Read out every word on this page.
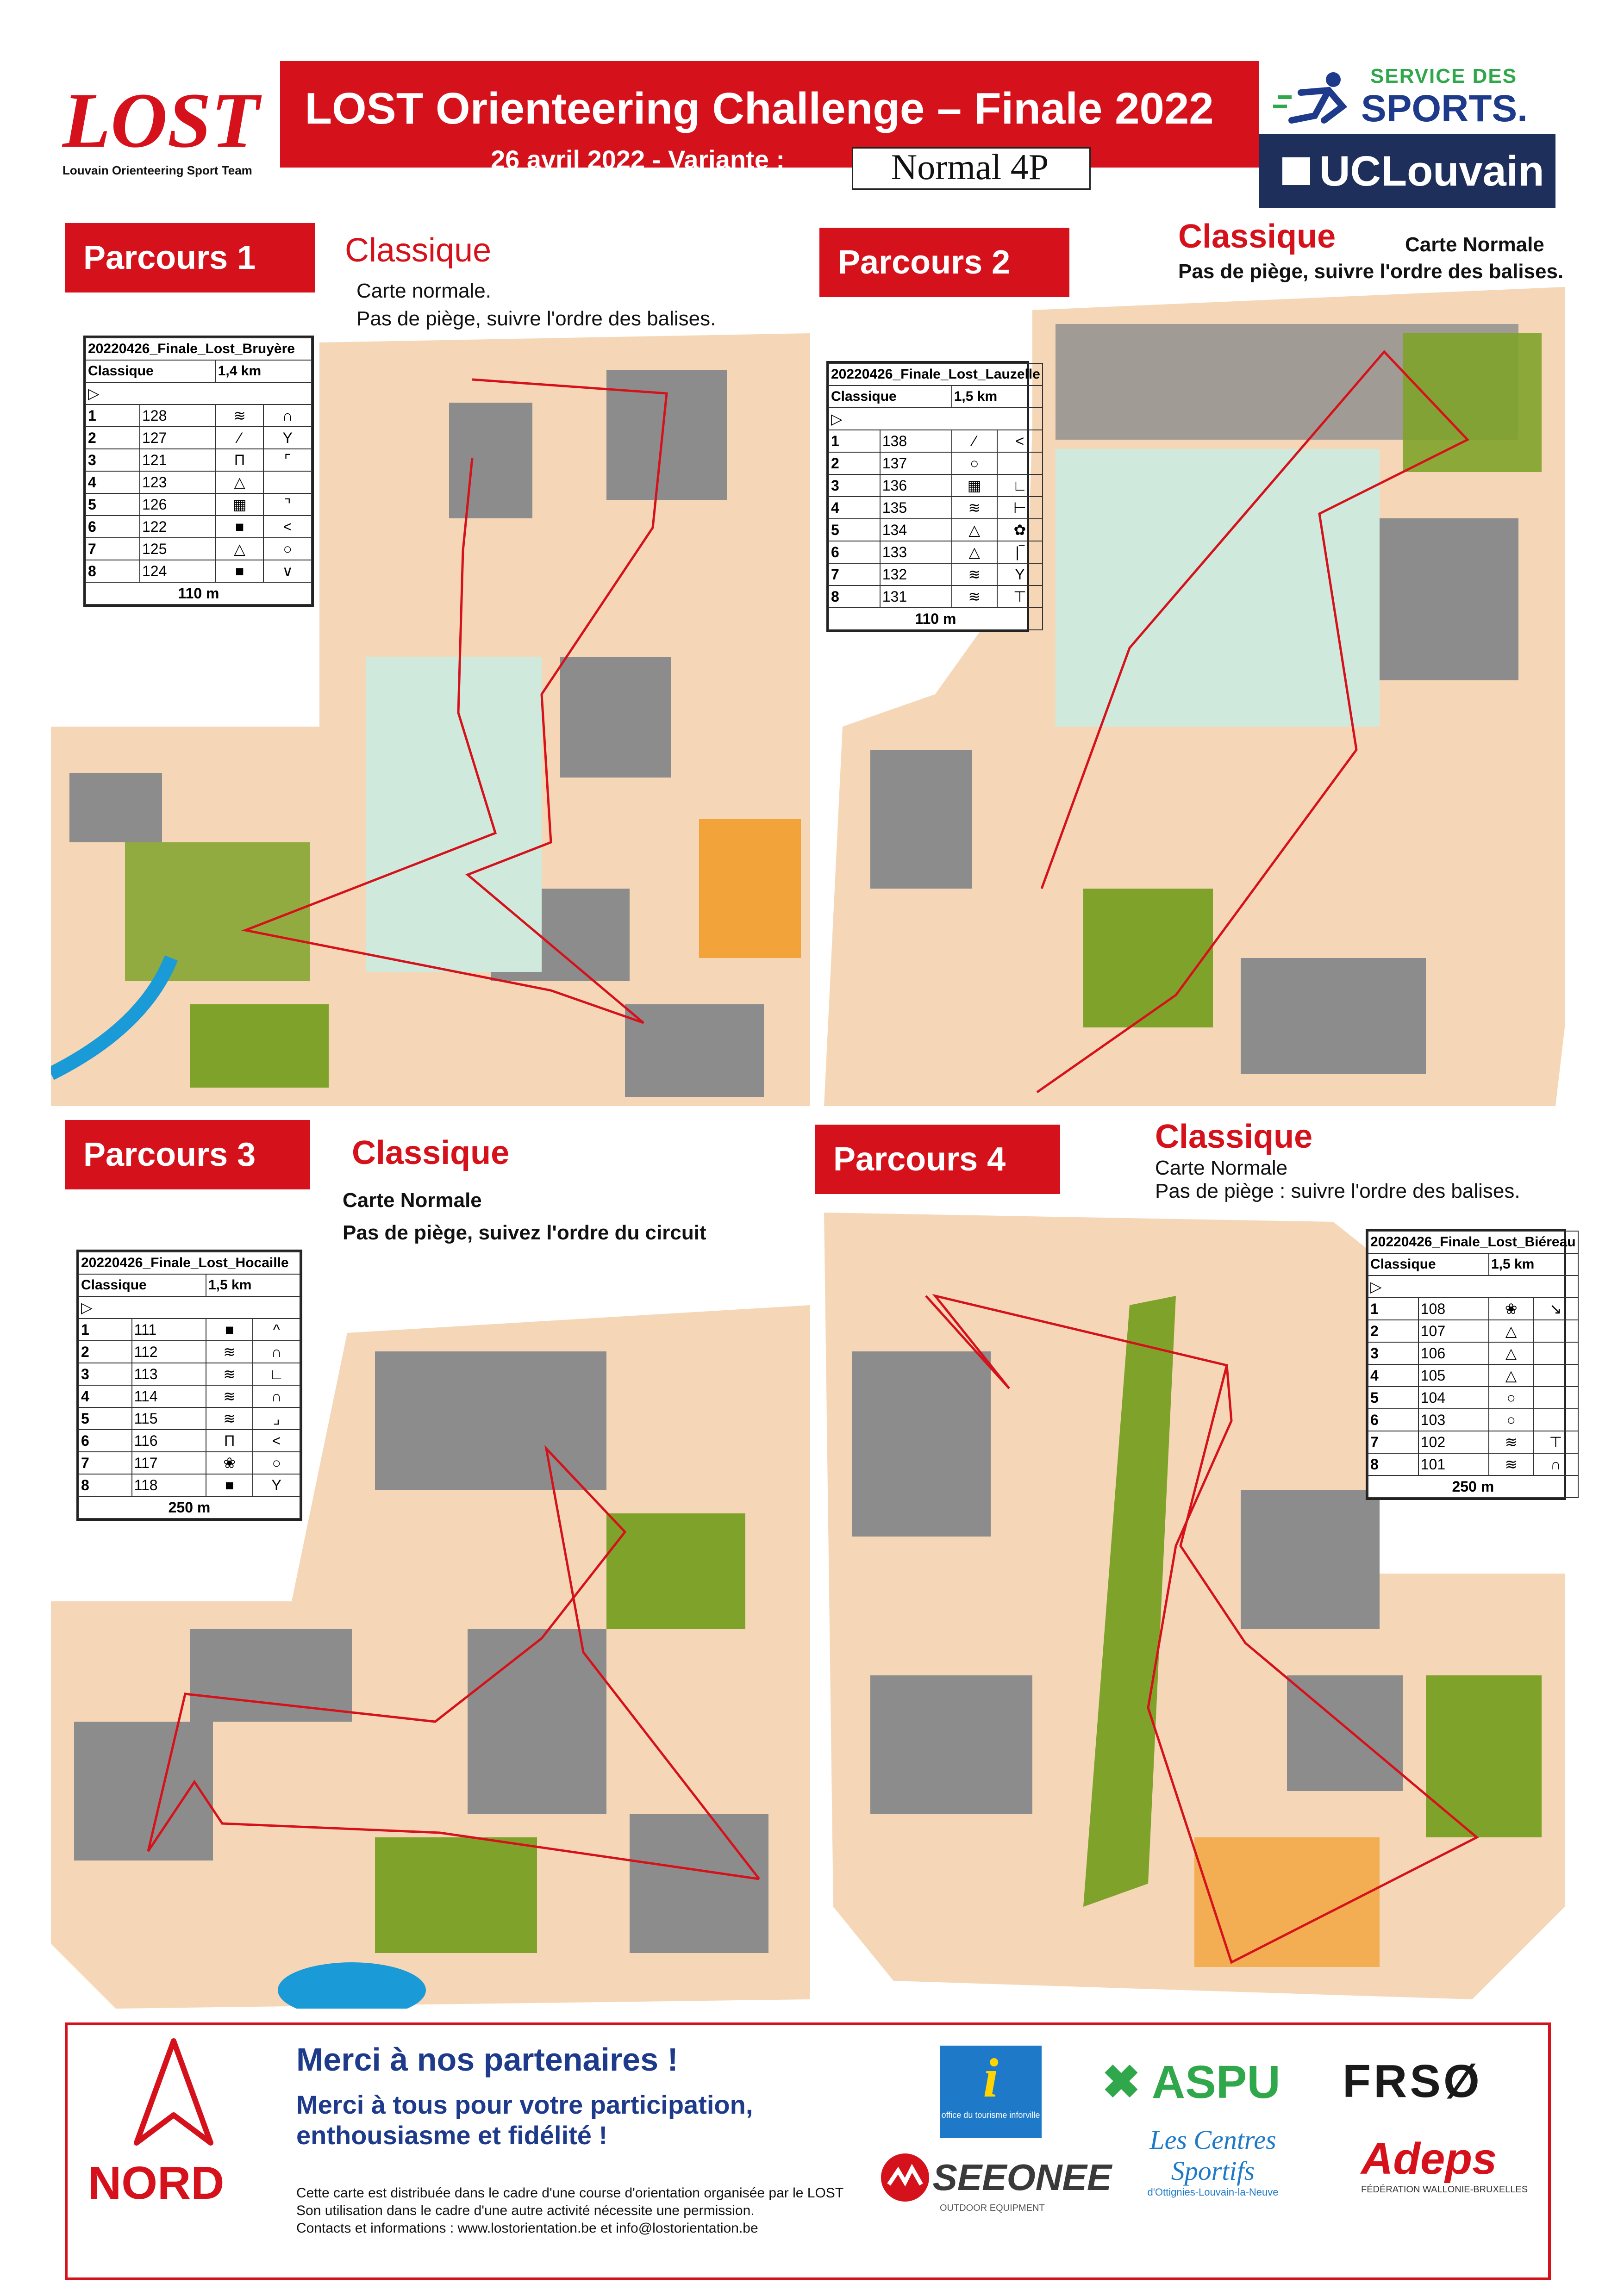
LOST
Louvain Orienteering Sport Team
LOST Orienteering Challenge – Finale 2022
26 avril 2022 - Variante :	Normal 4P
SERVICE DES
SPORTS.
UCLouvain
Parcours 1	Classique
Carte normale.
Pas de piège, suivre l'ordre des balises.
20220426_Finale_Lost_Bruyère			
Classique		1,4 km	
▷			
1	128	≋	∩
2	127	⁄	Y
3	121	Π	⌜
4	123	△	
5	126	▦	⌝
6	122	■	<
7	125	△	○
8	124	■	∨
110 m			
Parcours 2
Classique	Carte Normale
Pas de piège, suivre l'ordre des balises.
20220426_Finale_Lost_Lauzelle			
Classique		1,5 km	
▷			
1	138	⁄	<
2	137	○	
3	136	▦	∟
4	135	≋	⊢
5	134	△	✿
6	133	△	|‾
7	132	≋	Y
8	131	≋	⊤
110 m			
Parcours 3	Classique
Carte Normale
Pas de piège, suivez l'ordre du circuit
20220426_Finale_Lost_Hocaille			
Classique		1,5 km	
▷			
1	111	■	^
2	112	≋	∩
3	113	≋	∟
4	114	≋	∩
5	115	≋	⌟
6	116	Π	<
7	117	❀	○
8	118	■	Y
250 m			
Parcours 4
Classique
Carte Normale
Pas de piège : suivre l'ordre des balises.
20220426_Finale_Lost_Biéreau			
Classique		1,5 km	
▷			
1	108	❀	↘
2	107	△	
3	106	△	
4	105	△	
5	104	○	
6	103	○	
7	102	≋	⊤
8	101	≋	∩
250 m			
NORD
Merci à nos partenaires !
Merci à tous pour votre participation, enthousiasme et fidélité !
Cette carte est distribuée dans le cadre d'une course d'orientation organisée par le LOST
Son utilisation dans le cadre d'une autre activité nécessite une permission.
Contacts et informations : www.lostorientation.be et info@lostorientation.be
i
office du tourisme inforville
✖ ASPU FRSØ
SEEONEE
OUTDOOR EQUIPMENT
Les Centres Sportifs
d'Ottignies-Louvain-la-Neuve
Adeps
FÉDÉRATION WALLONIE-BRUXELLES
